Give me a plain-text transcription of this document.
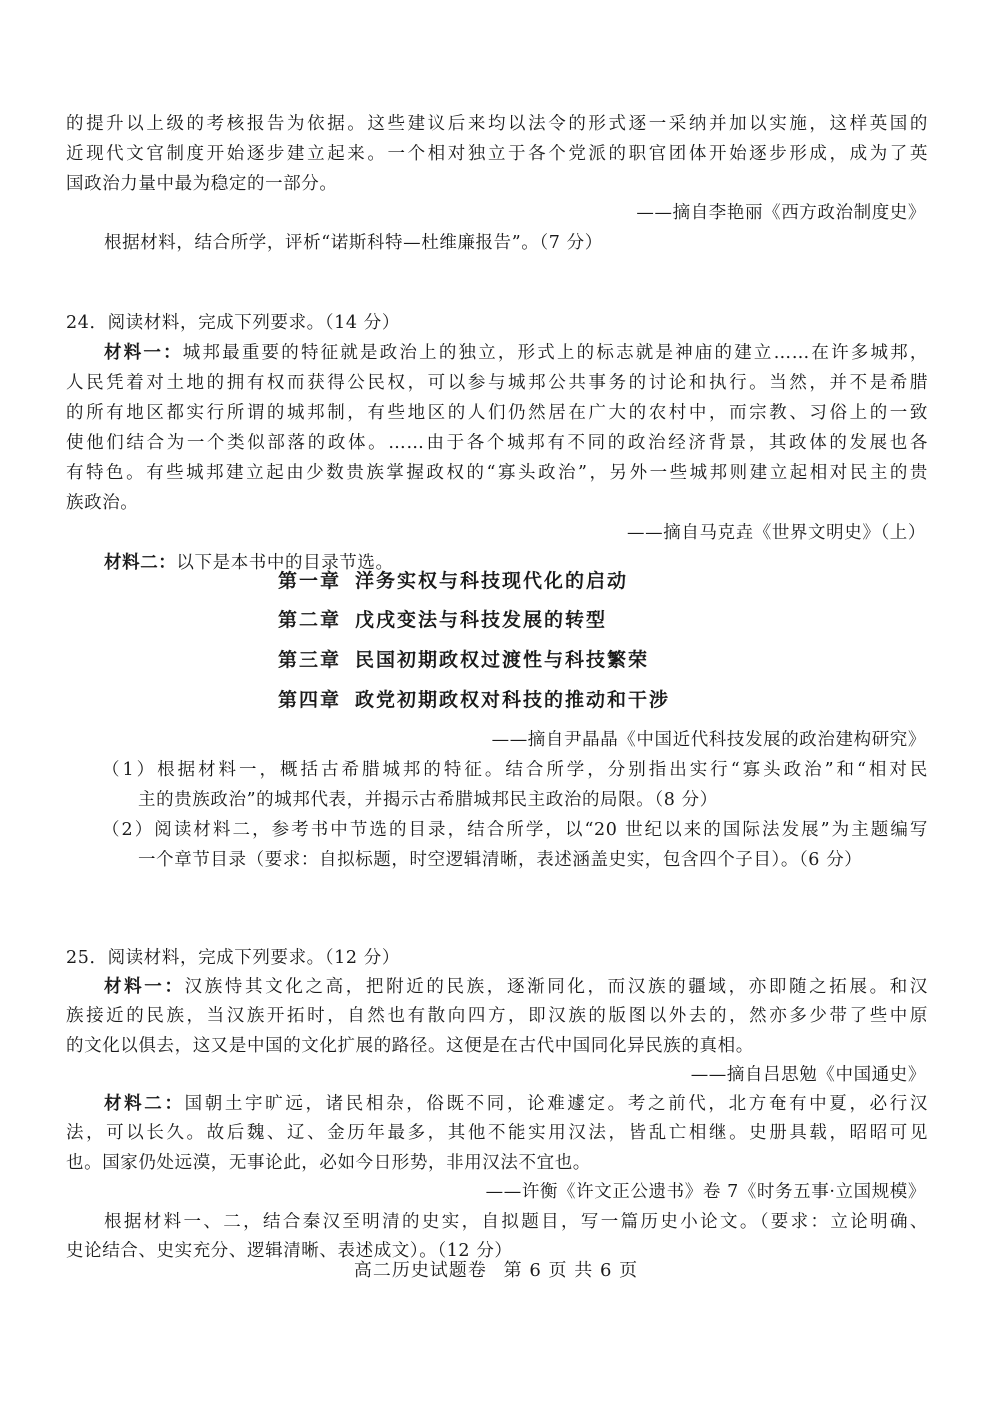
的提升以上级的考核报告为依据。这些建议后来均以法令的形式逐一采纳并加以实施，这样英国的
近现代文官制度开始逐步建立起来。一个相对独立于各个党派的职官团体开始逐步形成，成为了英
国政治力量中最为稳定的一部分。
——摘自李艳丽《西方政治制度史》
根据材料，结合所学，评析“诺斯科特—杜维廉报告”。（7 分）
24．阅读材料，完成下列要求。（14 分）
材料一：城邦最重要的特征就是政治上的独立，形式上的标志就是神庙的建立……在许多城邦，
人民凭着对土地的拥有权而获得公民权，可以参与城邦公共事务的讨论和执行。当然，并不是希腊
的所有地区都实行所谓的城邦制，有些地区的人们仍然居在广大的农村中，而宗教、习俗上的一致
使他们结合为一个类似部落的政体。……由于各个城邦有不同的政治经济背景，其政体的发展也各
有特色。有些城邦建立起由少数贵族掌握政权的“寡头政治”，另外一些城邦则建立起相对民主的贵
族政治。
——摘自马克垚《世界文明史》（上）
材料二：以下是本书中的目录节选。
第一章 洋务实权与科技现代化的启动
第二章 戊戌变法与科技发展的转型
第三章 民国初期政权过渡性与科技繁荣
第四章 政党初期政权对科技的推动和干涉
——摘自尹晶晶《中国近代科技发展的政治建构研究》
（1）根据材料一，概括古希腊城邦的特征。结合所学，分别指出实行“寡头政治”和“相对民
主的贵族政治”的城邦代表，并揭示古希腊城邦民主政治的局限。（8 分）
（2）阅读材料二，参考书中节选的目录，结合所学，以“20 世纪以来的国际法发展”为主题编写
一个章节目录（要求：自拟标题，时空逻辑清晰，表述涵盖史实，包含四个子目）。（6 分）
25．阅读材料，完成下列要求。（12 分）
材料一：汉族恃其文化之高，把附近的民族，逐渐同化，而汉族的疆域，亦即随之拓展。和汉
族接近的民族，当汉族开拓时，自然也有散向四方，即汉族的版图以外去的，然亦多少带了些中原
的文化以俱去，这又是中国的文化扩展的路径。这便是在古代中国同化异民族的真相。
——摘自吕思勉《中国通史》
材料二：国朝土宇旷远，诸民相杂，俗既不同，论难遽定。考之前代，北方奄有中夏，必行汉
法，可以长久。故后魏、辽、金历年最多，其他不能实用汉法，皆乱亡相继。史册具载，昭昭可见
也。国家仍处远漠，无事论此，必如今日形势，非用汉法不宜也。
——许衡《许文正公遗书》卷 7《时务五事·立国规模》
根据材料一、二，结合秦汉至明清的史实，自拟题目，写一篇历史小论文。（要求：立论明确、
史论结合、史实充分、逻辑清晰、表述成文）。（12 分）
高二历史试题卷 第 6 页 共 6 页
